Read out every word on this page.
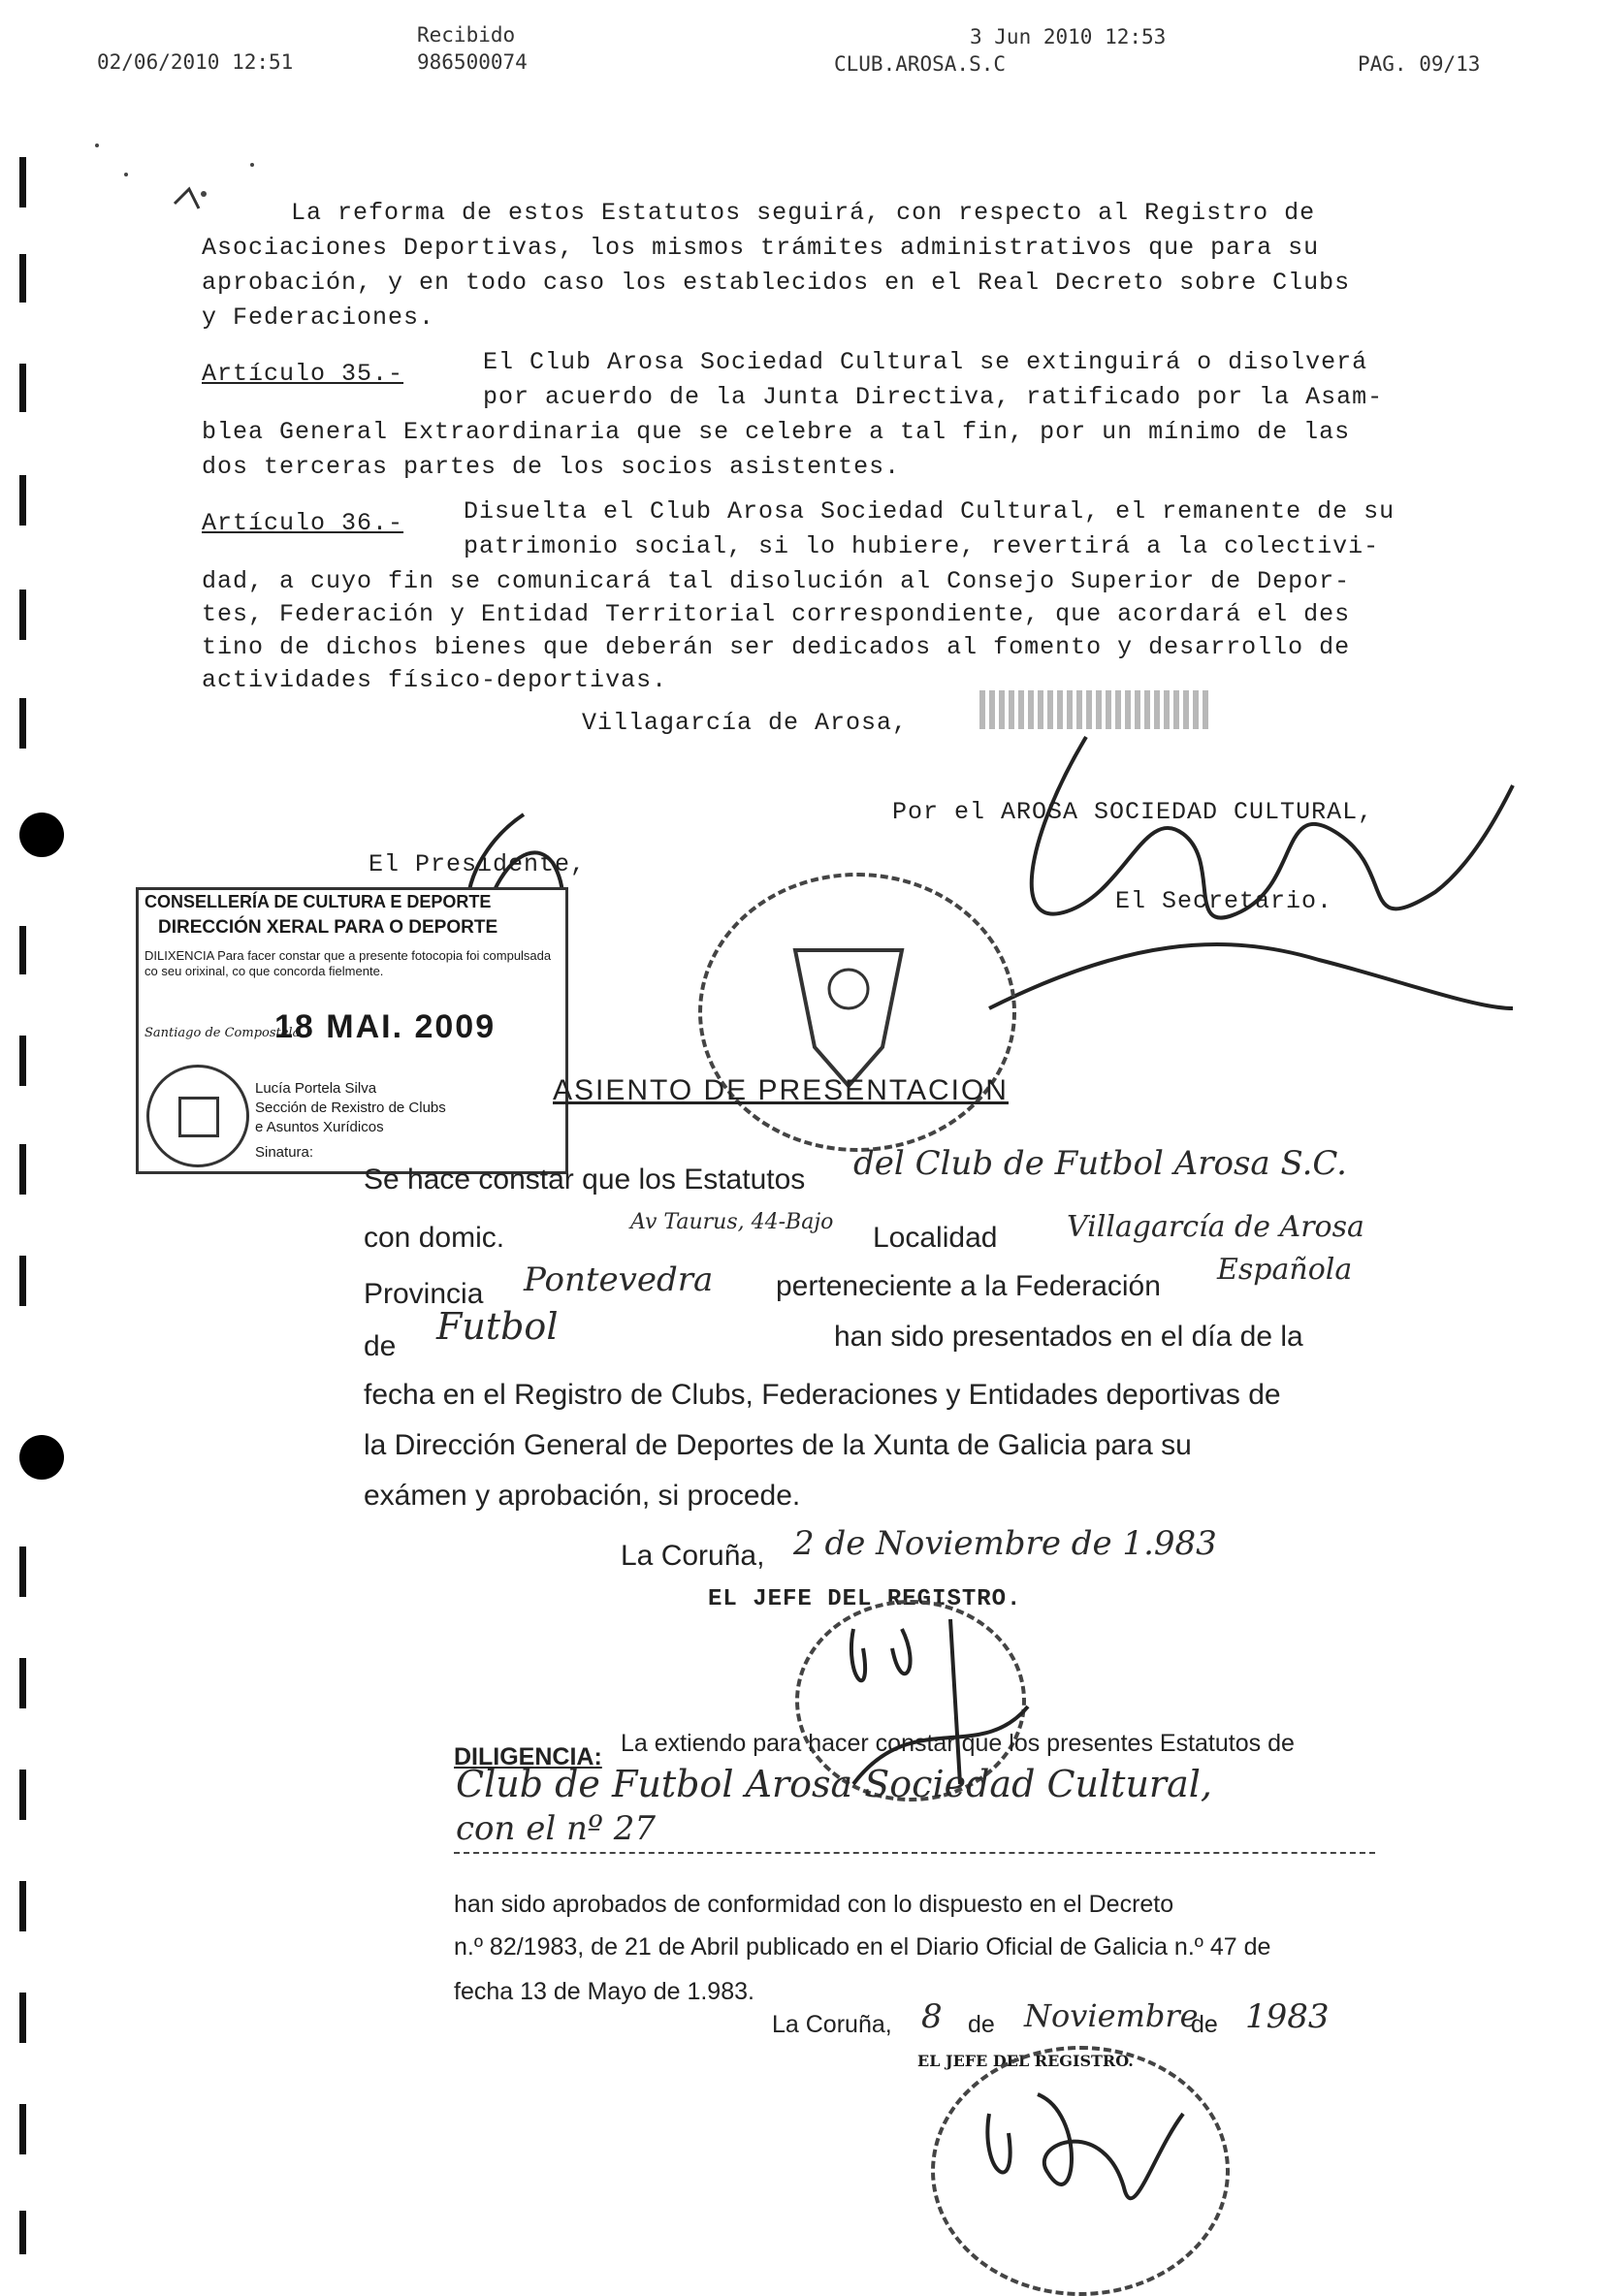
02/06/2010 12:51
Recibido
986500074
3 Jun 2010 12:53
CLUB.AROSA.S.C	PAG. 09/13
La reforma de estos Estatutos seguirá, con respecto al Registro de
Asociaciones Deportivas, los mismos trámites administrativos que para su
aprobación, y en todo caso los establecidos en el Real Decreto sobre Clubs
y Federaciones.
Artículo 35.-	El Club Arosa Sociedad Cultural se extinguirá o disolverá
por acuerdo de la Junta Directiva, ratificado por la Asam-
blea General Extraordinaria que se celebre a tal fin, por un mínimo de las
dos terceras partes de los socios asistentes.
Artículo 36.- Disuelta el Club Arosa Sociedad Cultural, el remanente de su
patrimonio social, si lo hubiere, revertirá a la colectivi-
dad, a cuyo fin se comunicará tal disolución al Consejo Superior de Depor-
tes, Federación y Entidad Territorial correspondiente, que acordará el des
tino de dichos bienes que deberán ser dedicados al fomento y desarrollo de
actividades físico-deportivas.
Villagarcía de Arosa,
Por el AROSA SOCIEDAD CULTURAL,
El Presidente,
El Secretario.
CONSELLERÍA DE CULTURA E DEPORTE
DIRECCIÓN XERAL PARA O DEPORTE
DILIXENCIA Para facer constar que a presente fotocopia foi compulsada co seu orixinal, co que concorda fielmente.
Santiago de Compostela
18 MAI. 2009
Lucía Portela Silva
Sección de Rexistro de Clubs
e Asuntos Xurídicos
Sinatura:
ASIENTO DE PRESENTACION
Se hace constar que los Estatutos del Club de Futbol Arosa S.C.
con domic.	Av Taurus, 44-Bajo Localidad Villagarcía de Arosa
Provincia Pontevedra perteneciente a la Federación Española
de Futbol	han sido presentados en el día de la
fecha en el Registro de Clubs, Federaciones y Entidades deportivas de
la Dirección General de Deportes de la Xunta de Galicia para su
exámen y aprobación, si procede.
La Coruña, 2 de Noviembre de 1.983
EL JEFE DEL REGISTRO.
DILIGENCIA: La extiendo para hacer constar que los presentes Estatutos de
Club de Futbol Arosa Sociedad Cultural,
con el nº 27
han sido aprobados de conformidad con lo dispuesto en el Decreto
n.º 82/1983, de 21 de Abril publicado en el Diario Oficial de Galicia n.º 47 de
fecha 13 de Mayo de 1.983.
La Coruña, 8 de Noviembre
de 1983
EL JEFE DEL REGISTRO.
